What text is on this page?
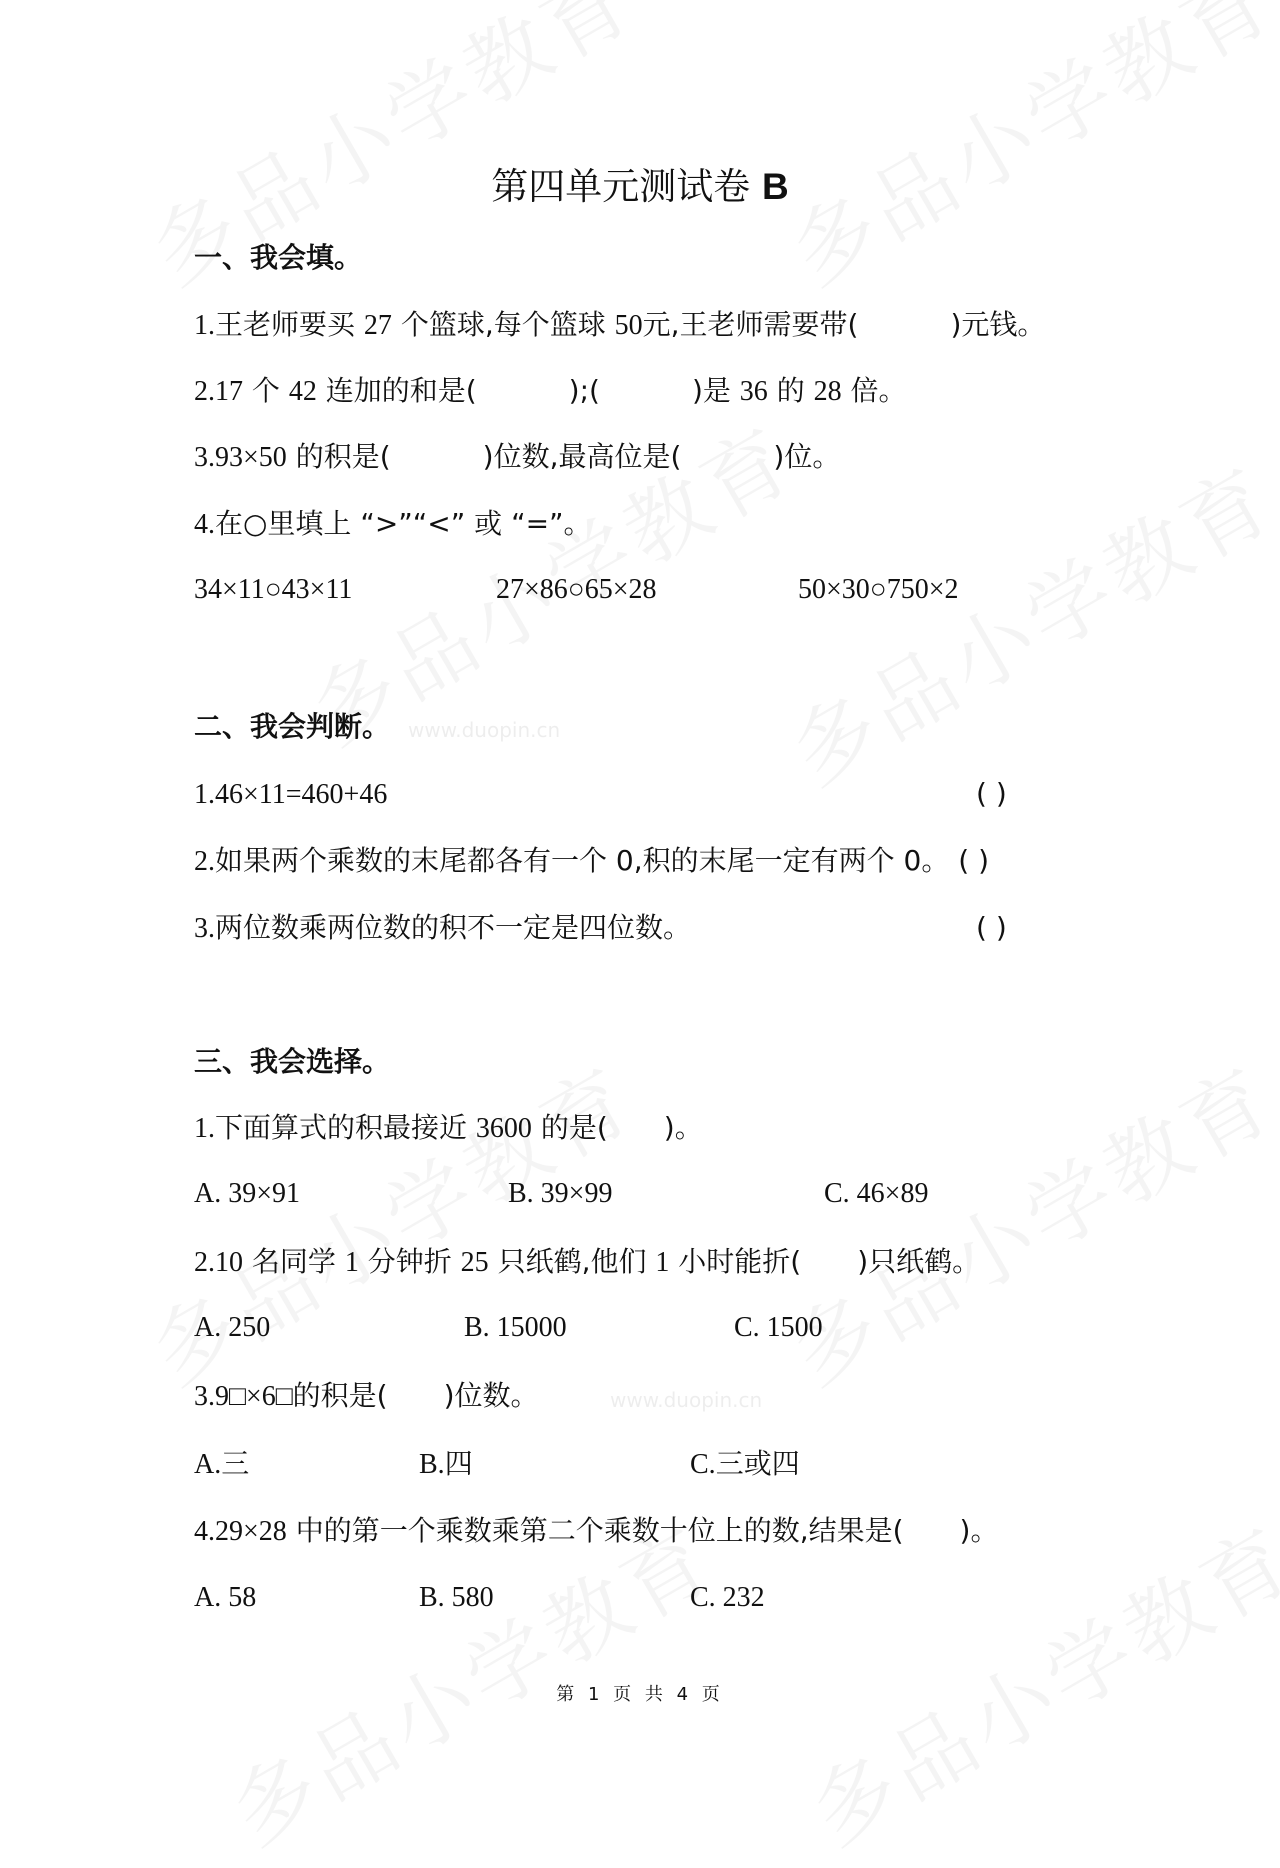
www.duopin.cn
www.duopin.cn
第四单元测试卷 B
一、我会填。
1.王老师要买 27 个篮球,每个篮球 50元,王老师需要带(	)元钱。
2.17 个 42 连加的和是(	);(	)是 36 的 28 倍。
3.93×50 的积是(	)位数,最高位是(	)位。
4.在○里填上 “>”“<” 或 “=”。
34×11○43×11	27×86○65×28	50×30○750×2
二、我会判断。
1.46×11=460+46	( )
2.如果两个乘数的末尾都各有一个 0,积的末尾一定有两个 0。 ( )
3.两位数乘两位数的积不一定是四位数。	( )
三、我会选择。
1.下面算式的积最接近 3600 的是( )。
A. 39×91	B. 39×99	C. 46×89
2.10 名同学 1 分钟折 25 只纸鹤,他们 1 小时能折( )只纸鹤。
A. 250	B. 15000	C. 1500
3.9□×6□的积是( )位数。
A.三	B.四	C.三或四
4.29×28 中的第一个乘数乘第二个乘数十位上的数,结果是( )。
A. 58	B. 580	C. 232
第 1 页 共 4 页
